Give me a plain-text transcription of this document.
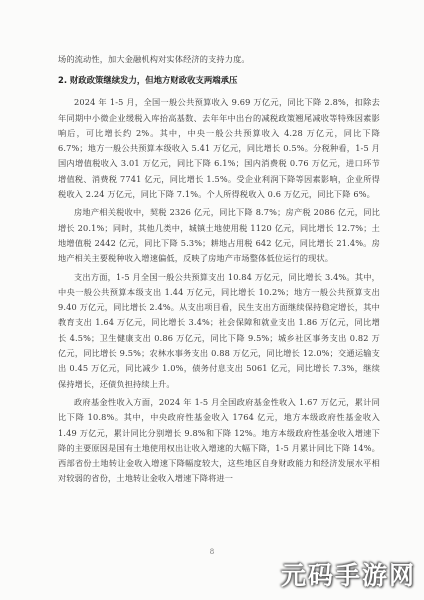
场的流动性，加大金融机构对实体经济的支持力度。

2. 财政政策继续发力，但地方财政收支两端承压

2024 年 1-5 月，全国一般公共预算收入 9.69 万亿元，同比下降 2.8%，扣除去年同期中小微企业缓税入库抬高基数、去年年中出台的减税政策翘尾减收等特殊因素影响后，可比增长约 2%。其中，中央一般公共预算收入 4.28 万亿元，同比下降 6.7%；地方一般公共预算本级收入 5.41 万亿元，同比增长 0.5%。分税种看，1-5 月国内增值税收入 3.01 万亿元，同比下降 6.1%；国内消费税 0.76 万亿元，进口环节增值税、消费税 7741 亿元，同比增长 1.5%。受企业利润下降等因素影响，企业所得税收入 2.24 万亿元，同比下降 7.1%。个人所得税收入 0.6 万亿元，同比下降 6%。

房地产相关税收中，契税 2326 亿元，同比下降 8.7%；房产税 2086 亿元，同比增长 20.1%；同时，其他几类中，城镇土地使用税 1120 亿元，同比增长 12.7%；土地增值税 2442 亿元，同比下降 5.3%；耕地占用税 642 亿元，同比增长 21.4%。房地产相关主要税种收入增速偏低，反映了房地产市场整体低位运行的现状。

支出方面，1-5 月全国一般公共预算支出 10.84 万亿元，同比增长 3.4%。其中，中央一般公共预算本级支出 1.44 万亿元，同比增长 10.2%；地方一般公共预算支出 9.40 万亿元，同比增长 2.4%。从支出项目看，民生支出方面继续保持稳定增长，其中教育支出 1.64 万亿元，同比增长 3.4%；社会保障和就业支出 1.86 万亿元，同比增长 4.5%；卫生健康支出 0.86 万亿元，同比下降 9.5%；城乡社区事务支出 0.82 万亿元，同比增长 9.5%；农林水事务支出 0.88 万亿元，同比增长 12.0%；交通运输支出 0.45 万亿元，同比减少 1.0%，债务付息支出 5061 亿元，同比增长 7.3%，继续保持增长，还债负担持续上升。

政府基金性收入方面，2024 年 1-5 月全国政府基金性收入 1.67 万亿元，累计同比下降 10.8%。其中，中央政府性基金收入 1764 亿元，地方本级政府性基金收入 1.49 万亿元，累计同比分别增长 9.8%和下降 12%。地方本级政府性基金收入增速下降的主要原因是国有土地使用权出让收入增速的大幅下降，1-5 月累计同比下降 14%。西部省份土地转让金收入增速下降幅度较大，这些地区自身财政能力和经济发展水平相对较弱的省份，土地转让金收入增速下降将进一

8
元码手游网
